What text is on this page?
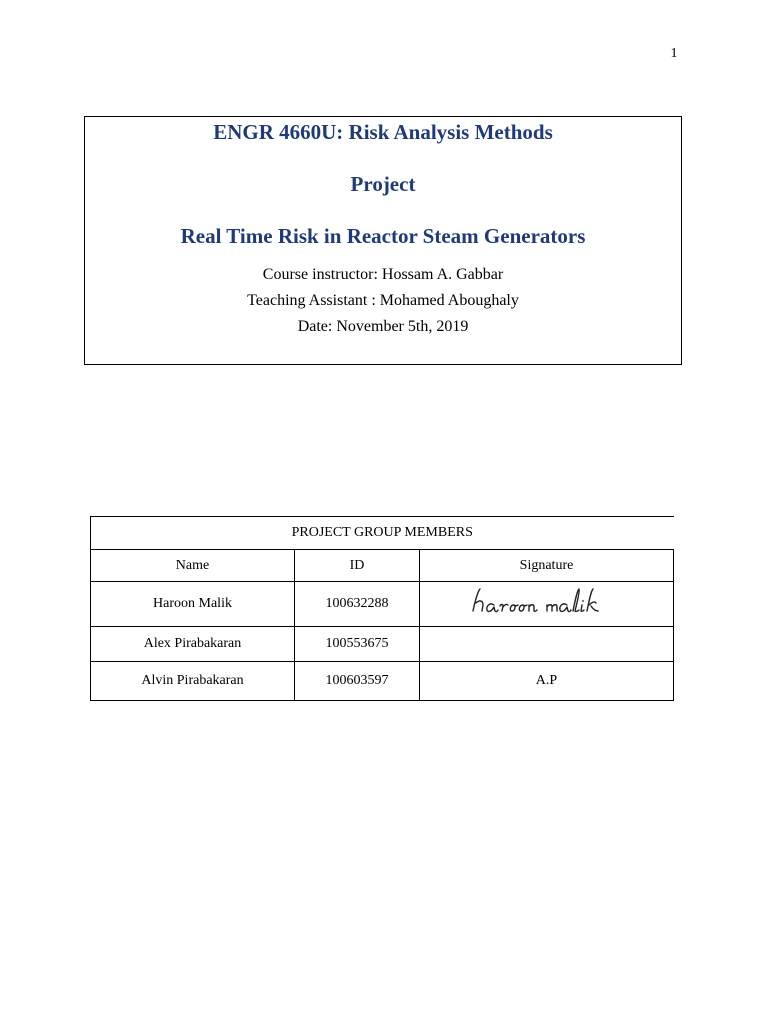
1
ENGR 4660U: Risk Analysis Methods
Project
Real Time Risk in Reactor Steam Generators
Course instructor: Hossam A. Gabbar
Teaching Assistant : Mohamed Aboughaly
Date: November 5th, 2019
PROJECT GROUP MEMBERS		
Name	ID	Signature
Haroon Malik	100632288	
Alex Pirabakaran	100553675	
Alvin Pirabakaran	100603597	A.P
